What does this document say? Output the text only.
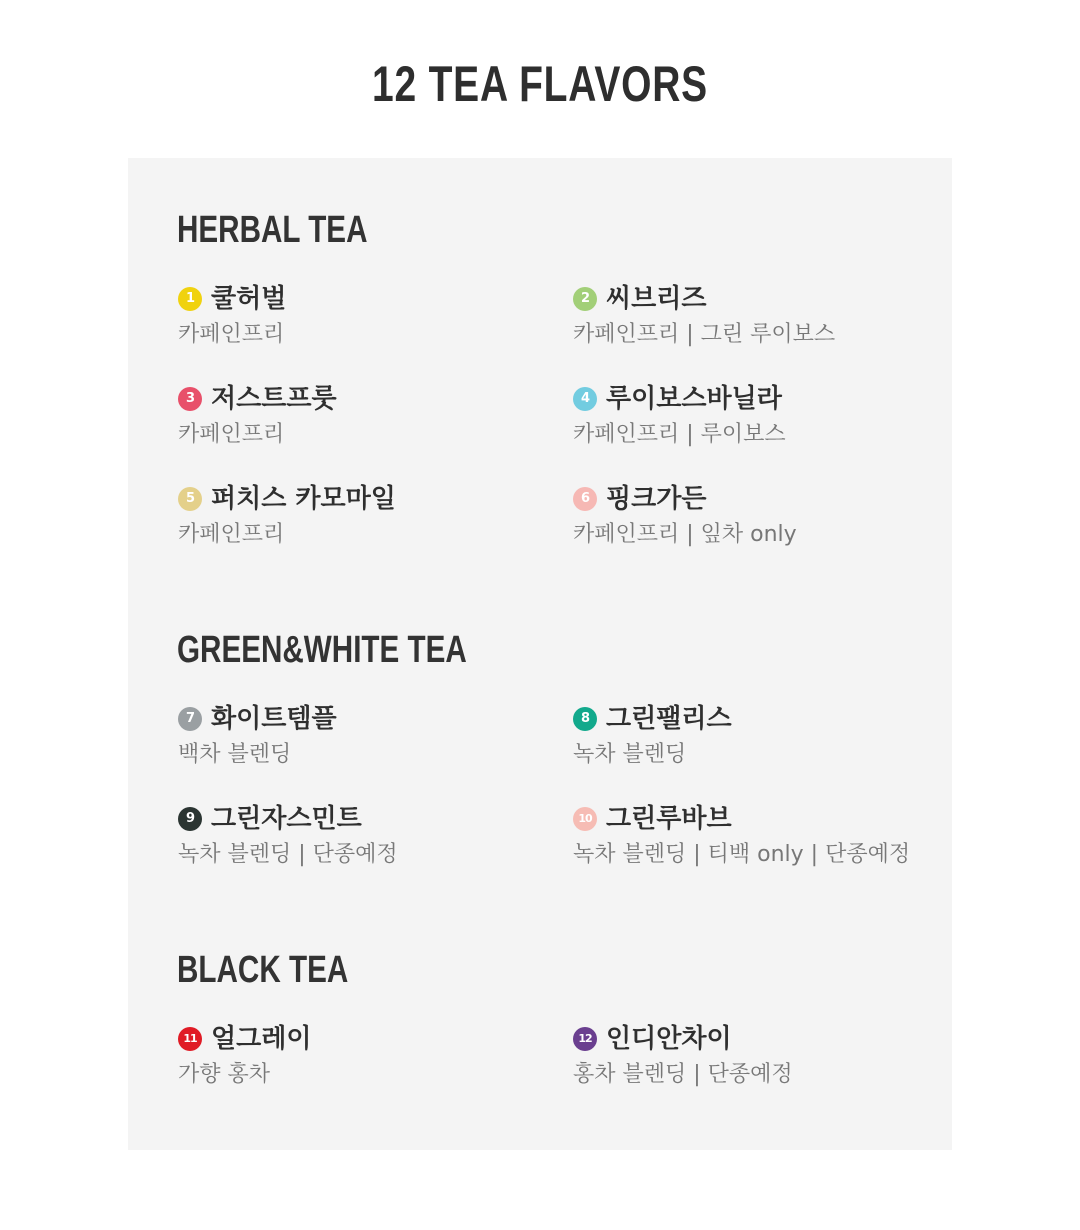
12 TEA FLAVORS
HERBAL TEA
1 쿨허벌
카페인프리
2 씨브리즈
카페인프리 | 그린 루이보스
3 저스트프룻
카페인프리
4 루이보스바닐라
카페인프리 | 루이보스
5 퍼치스 카모마일
카페인프리
6 핑크가든
카페인프리 | 잎차 only
GREEN&WHITE TEA
7 화이트템플
백차 블렌딩
8 그린팰리스
녹차 블렌딩
9 그린자스민트
녹차 블렌딩 | 단종예정
10 그린루바브
녹차 블렌딩 | 티백 only | 단종예정
BLACK TEA
11 얼그레이
가향 홍차
12 인디안차이
홍차 블렌딩 | 단종예정
